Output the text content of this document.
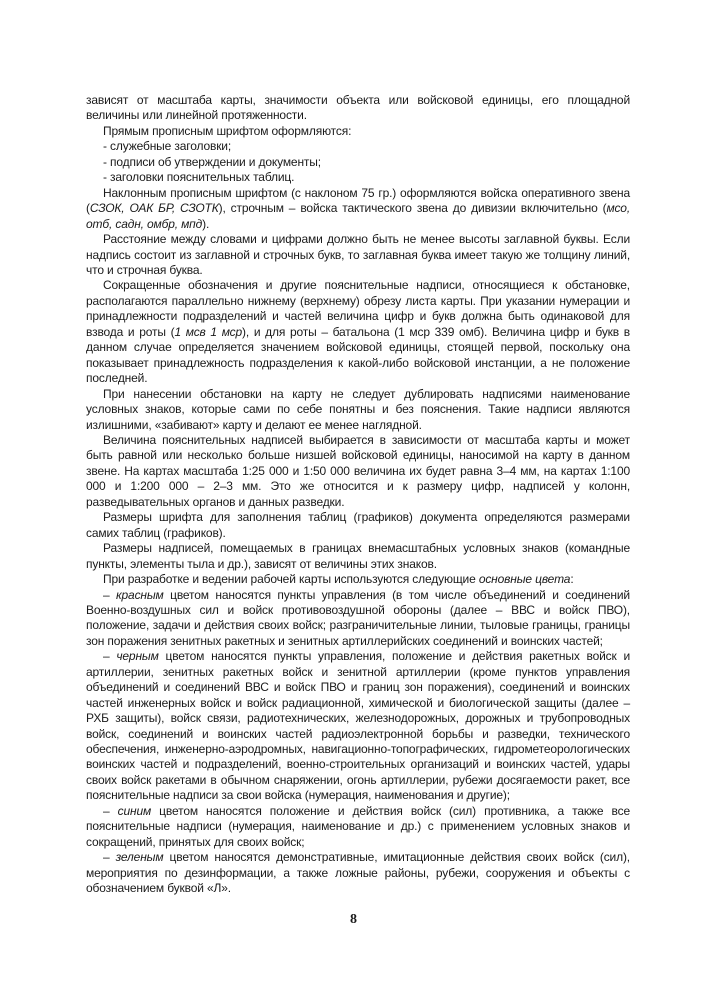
зависят от масштаба карты, значимости объекта или войсковой единицы, его площадной величины или линейной протяженности.

Прямым прописным шрифтом оформляются:

- служебные заголовки;

- подписи об утверждении и документы;

- заголовки пояснительных таблиц.

Наклонным прописным шрифтом (с наклоном 75 гр.) оформляются войска оперативного звена (СЗОК, ОАК БР, СЗОТК), строчным – войска тактического звена до дивизии включительно (мсо, отб, садн, омбр, мпд).

Расстояние между словами и цифрами должно быть не менее высоты заглавной буквы. Если надпись состоит из заглавной и строчных букв, то заглавная буква имеет такую же толщину линий, что и строчная буква.

Сокращенные обозначения и другие пояснительные надписи, относящиеся к обстановке, располагаются параллельно нижнему (верхнему) обрезу листа карты. При указании нумерации и принадлежности подразделений и частей величина цифр и букв должна быть одинаковой для взвода и роты (1 мсв 1 мср), и для роты – батальона (1 мср 339 омб). Величина цифр и букв в данном случае определяется значением войсковой единицы, стоящей первой, поскольку она показывает принадлежность подразделения к какой-либо войсковой инстанции, а не положение последней.

При нанесении обстановки на карту не следует дублировать надписями наименование условных знаков, которые сами по себе понятны и без пояснения. Такие надписи являются излишними, «забивают» карту и делают ее менее наглядной.

Величина пояснительных надписей выбирается в зависимости от масштаба карты и может быть равной или несколько больше низшей войсковой единицы, наносимой на карту в данном звене. На картах масштаба 1:25 000 и 1:50 000 величина их будет равна 3–4 мм, на картах 1:100 000 и 1:200 000 – 2–3 мм. Это же относится и к размеру цифр, надписей у колонн, разведывательных органов и данных разведки.

Размеры шрифта для заполнения таблиц (графиков) документа определяются размерами самих таблиц (графиков).

Размеры надписей, помещаемых в границах внемасштабных условных знаков (командные пункты, элементы тыла и др.), зависят от величины этих знаков.

При разработке и ведении рабочей карты используются следующие основные цвета:

– красным цветом наносятся пункты управления (в том числе объединений и соединений Военно-воздушных сил и войск противовоздушной обороны (далее – ВВС и войск ПВО), положение, задачи и действия своих войск; разграничительные линии, тыловые границы, границы зон поражения зенитных ракетных и зенитных артиллерийских соединений и воинских частей;

– черным цветом наносятся пункты управления, положение и действия ракетных войск и артиллерии, зенитных ракетных войск и зенитной артиллерии (кроме пунктов управления объединений и соединений ВВС и войск ПВО и границ зон поражения), соединений и воинских частей инженерных войск и войск радиационной, химической и биологической защиты (далее – РХБ защиты), войск связи, радиотехнических, железнодорожных, дорожных и трубопроводных войск, соединений и воинских частей радиоэлектронной борьбы и разведки, технического обеспечения, инженерно-аэродромных, навигационно-топографических, гидрометеорологических воинских частей и подразделений, военно-строительных организаций и воинских частей, удары своих войск ракетами в обычном снаряжении, огонь артиллерии, рубежи досягаемости ракет, все пояснительные надписи за свои войска (нумерация, наименования и другие);

– синим цветом наносятся положение и действия войск (сил) противника, а также все пояснительные надписи (нумерация, наименование и др.) с применением условных знаков и сокращений, принятых для своих войск;

– зеленым цветом наносятся демонстративные, имитационные действия своих войск (сил), мероприятия по дезинформации, а также ложные районы, рубежи, сооружения и объекты с обозначением буквой «Л».

8
